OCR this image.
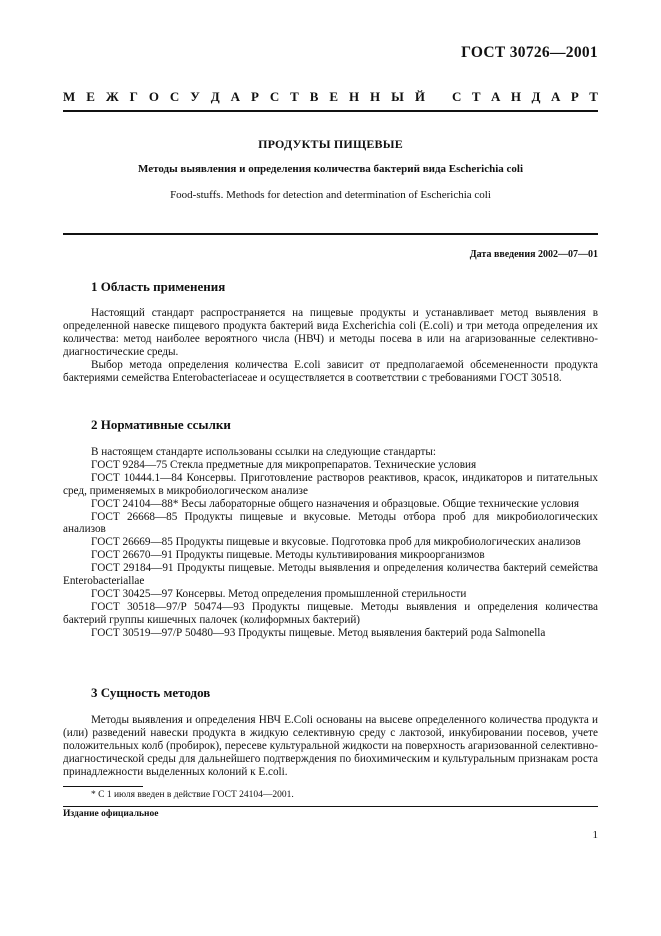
ГОСТ 30726—2001
М Е Ж Г О С У Д А Р С Т В Е Н Н Ы Й С Т А Н Д А Р Т
ПРОДУКТЫ ПИЩЕВЫЕ
Методы выявления и определения количества бактерий вида Escherichia coli
Food-stuffs. Methods for detection and determination of Escherichia coli
Дата введения 2002—07—01
1 Область применения

Настоящий стандарт распространяется на пищевые продукты и устанавливает метод выявления в определенной навеске пищевого продукта бактерий вида Excherichia coli (E.coli) и три метода определения их количества: метод наиболее вероятного числа (НВЧ) и методы посева в или на агаризованные селективно-диагностические среды.

Выбор метода определения количества E.coli зависит от предполагаемой обсемененности продукта бактериями семейства Enterobacteriaceae и осуществляется в соответствии с требованиями ГОСТ 30518.

2 Нормативные ссылки

В настоящем стандарте использованы ссылки на следующие стандарты:

ГОСТ 9284—75 Стекла предметные для микропрепаратов. Технические условия

ГОСТ 10444.1—84 Консервы. Приготовление растворов реактивов, красок, индикаторов и питательных сред, применяемых в микробиологическом анализе

ГОСТ 24104—88* Весы лабораторные общего назначения и образцовые. Общие технические условия

ГОСТ 26668—85 Продукты пищевые и вкусовые. Методы отбора проб для микробиологических анализов

ГОСТ 26669—85 Продукты пищевые и вкусовые. Подготовка проб для микробиологических анализов

ГОСТ 26670—91 Продукты пищевые. Методы культивирования микроорганизмов

ГОСТ 29184—91 Продукты пищевые. Методы выявления и определения количества бактерий семейства Enterobacteriallae

ГОСТ 30425—97 Консервы. Метод определения промышленной стерильности

ГОСТ 30518—97/Р 50474—93 Продукты пищевые. Методы выявления и определения количества бактерий группы кишечных палочек (колиформных бактерий)

ГОСТ 30519—97/Р 50480—93 Продукты пищевые. Метод выявления бактерий рода Salmonella

3 Сущность методов

Методы выявления и определения НВЧ E.Coli основаны на высеве определенного количества продукта и (или) разведений навески продукта в жидкую селективную среду с лактозой, инкубировании посевов, учете положительных колб (пробирок), пересеве культуральной жидкости на поверхность агаризованной селективно-диагностической среды для дальнейшего подтверждения по биохимическим и культуральным признакам роста принадлежности выделенных колоний к E.coli.

* С 1 июля введен в действие ГОСТ 24104—2001.
Издание официальное
1
